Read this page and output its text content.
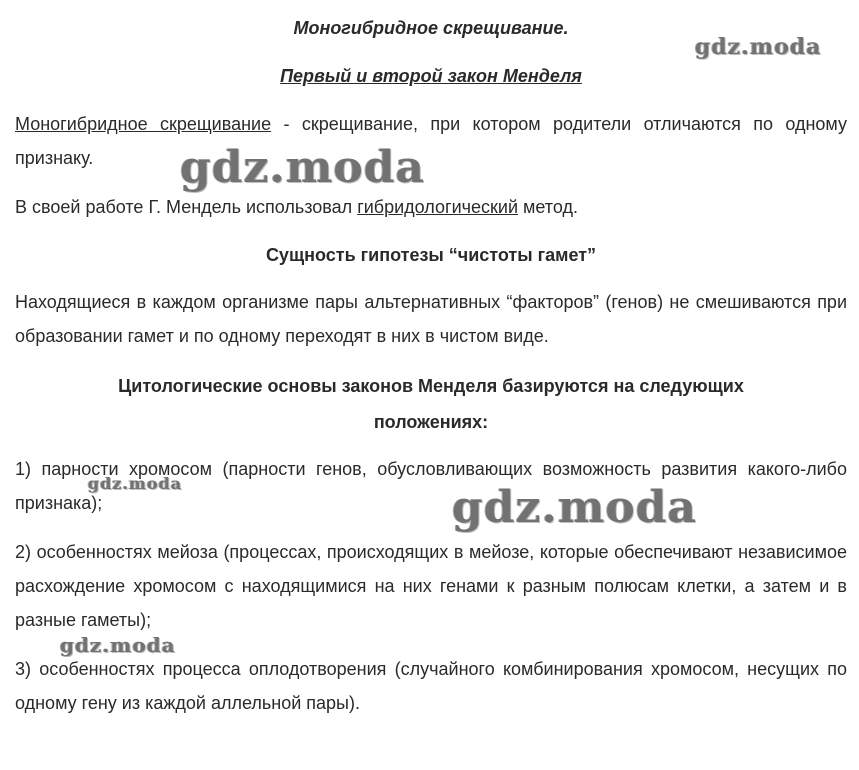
Моногибридное скрещивание.

Первый и второй закон Менделя

Моногибридное скрещивание - скрещивание, при котором родители отличаются по одному признаку.

В своей работе Г. Мендель использовал гибридологический метод.

Сущность гипотезы “чистоты гамет”

Находящиеся в каждом организме пары альтернативных “факторов” (генов) не смешиваются при образовании гамет и по одному переходят в них в чистом виде.

Цитологические основы законов Менделя базируются на следующих
положениях:

1) парности хромосом (парности генов, обусловливающих возможность развития какого-либо признака);

2) особенностях мейоза (процессах, происходящих в мейозе, которые обеспечивают независимое расхождение хромосом с находящимися на них генами к разным полюсам клетки, а затем и в разные гаметы);

3) особенностях процесса оплодотворения (случайного комбинирования хромосом, несущих по одному гену из каждой аллельной пары).

gdz.moda
gdz.moda
gdz.moda	gdz.moda
gdz.moda
